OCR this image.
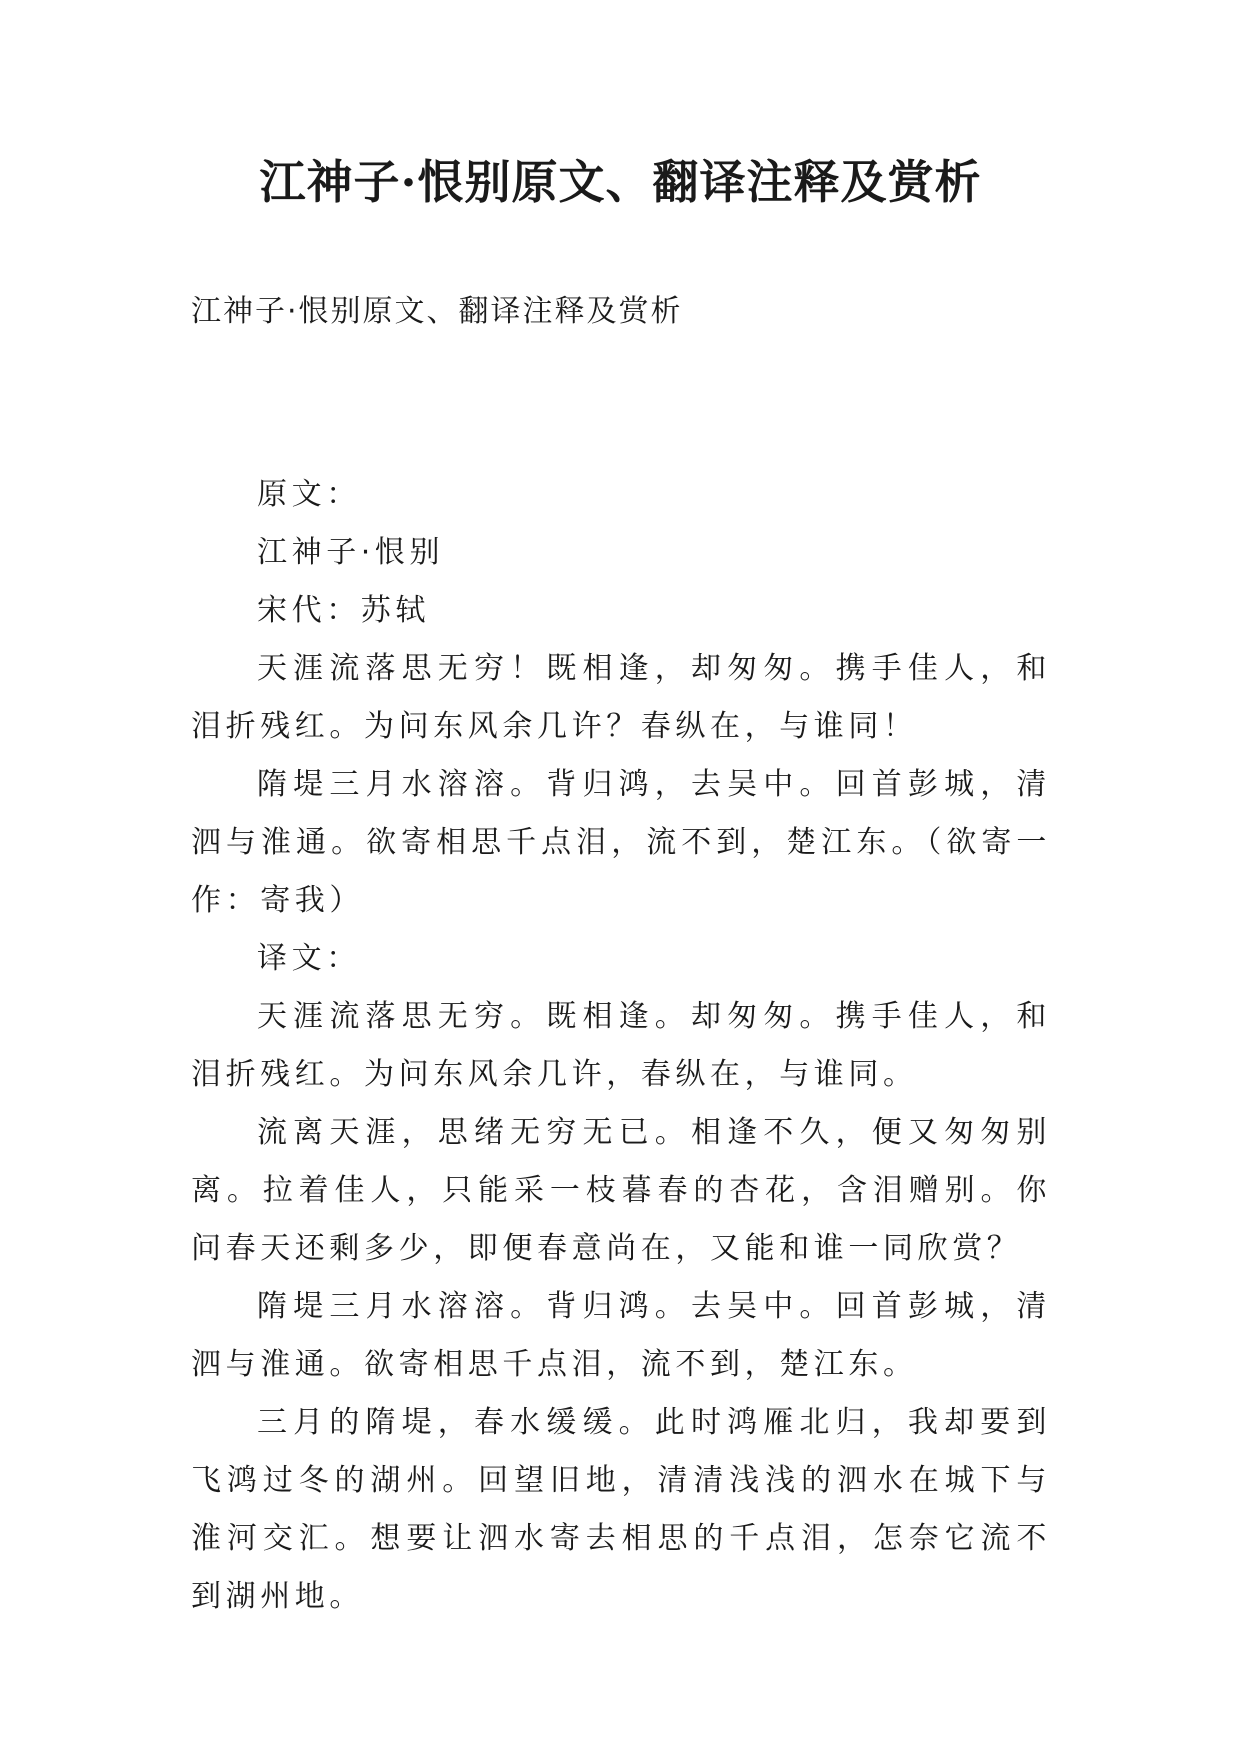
江神子·恨别原文、翻译注释及赏析
江神子·恨别原文、翻译注释及赏析

原文：

江神子·恨别

宋代：苏轼

天涯流落思无穷！既相逢，却匆匆。携手佳人，和泪折残红。为问东风余几许？春纵在，与谁同！

隋堤三月水溶溶。背归鸿，去吴中。回首彭城，清泗与淮通。欲寄相思千点泪，流不到，楚江东。（欲寄一作：寄我）

译文：

天涯流落思无穷。既相逢。却匆匆。携手佳人，和泪折残红。为问东风余几许，春纵在，与谁同。

流离天涯，思绪无穷无已。相逢不久，便又匆匆别离。拉着佳人，只能采一枝暮春的杏花，含泪赠别。你问春天还剩多少，即便春意尚在，又能和谁一同欣赏？

隋堤三月水溶溶。背归鸿。去吴中。回首彭城，清泗与淮通。欲寄相思千点泪，流不到，楚江东。

三月的隋堤，春水缓缓。此时鸿雁北归，我却要到飞鸿过冬的湖州。回望旧地，清清浅浅的泗水在城下与淮河交汇。想要让泗水寄去相思的千点泪，怎奈它流不到湖州地。
